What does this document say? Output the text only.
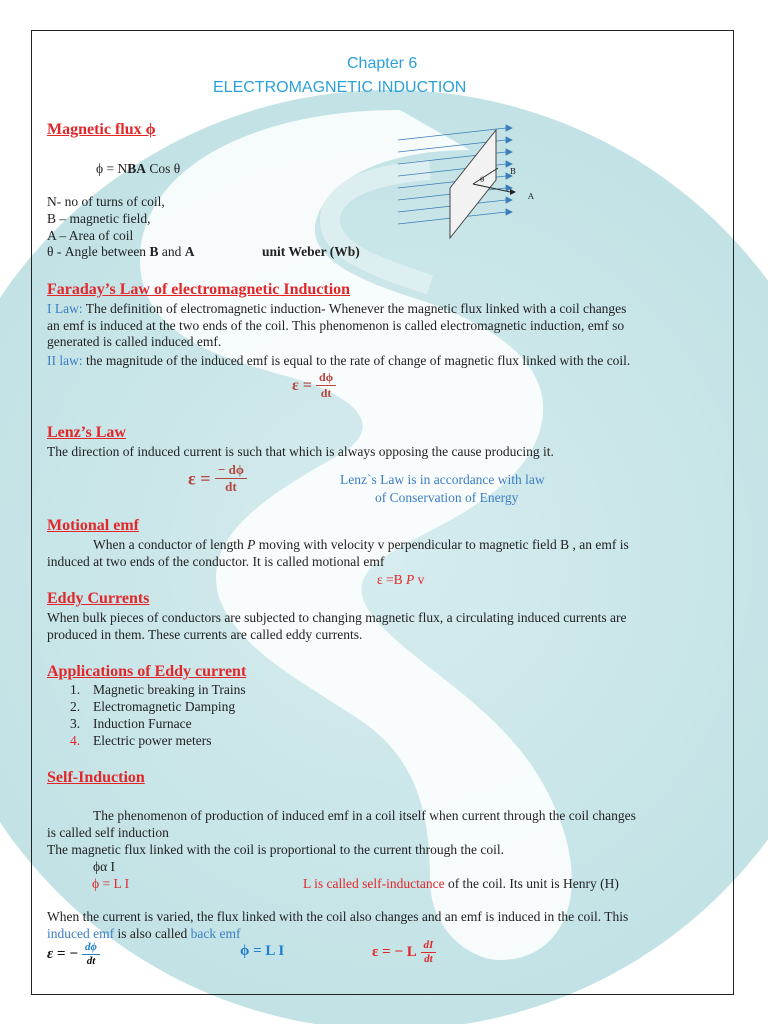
Chapter 6
ELECTROMAGNETIC INDUCTION
Magnetic flux ϕ
ϕ = NBA Cos θ
N- no of turns of coil,
B – magnetic field,
A – Area of coil
θ - Angle between B and A	unit Weber (Wb)
θ
B
A
Faraday’s Law of electromagnetic Induction
I Law: The definition of electromagnetic induction- Whenever the magnetic flux linked with a coil changes
an emf is induced at the two ends of the coil. This phenomenon is called electromagnetic induction, emf so
generated is called induced emf.
II law: the magnitude of the induced emf is equal to the rate of change of magnetic flux linked with the coil.
$\varepsilon = \frac{d\phi}{dt}$
Lenz’s Law
The direction of induced current is such that which is always opposing the cause producing it.
$\varepsilon = \frac{- d\phi}{dt}$	Lenz`s Law is in accordance with law
of Conservation of Energy
Motional emf
When a conductor of length P moving with velocity v perpendicular to magnetic field B , an emf is
induced at two ends of the conductor. It is called motional emf
ε =B P v
Eddy Currents
When bulk pieces of conductors are subjected to changing magnetic flux, a circulating induced currents are
produced in them. These currents are called eddy currents.
Applications of Eddy current
1. Magnetic breaking in Trains
2. Electromagnetic Damping
3. Induction Furnace
4. Electric power meters
Self-Induction
The phenomenon of production of induced emf in a coil itself when current through the coil changes
is called self induction
The magnetic flux linked with the coil is proportional to the current through the coil.
ϕα I
ϕ = L I	L is called self-inductance of the coil. Its unit is Henry (H)
When the current is varied, the flux linked with the coil also changes and an emf is induced in the coil. This
induced emf is also called back emf
ε = − $\frac{d\phi}{dt}$	ϕ = L I	ε = − L $\frac{dI}{dt}$
